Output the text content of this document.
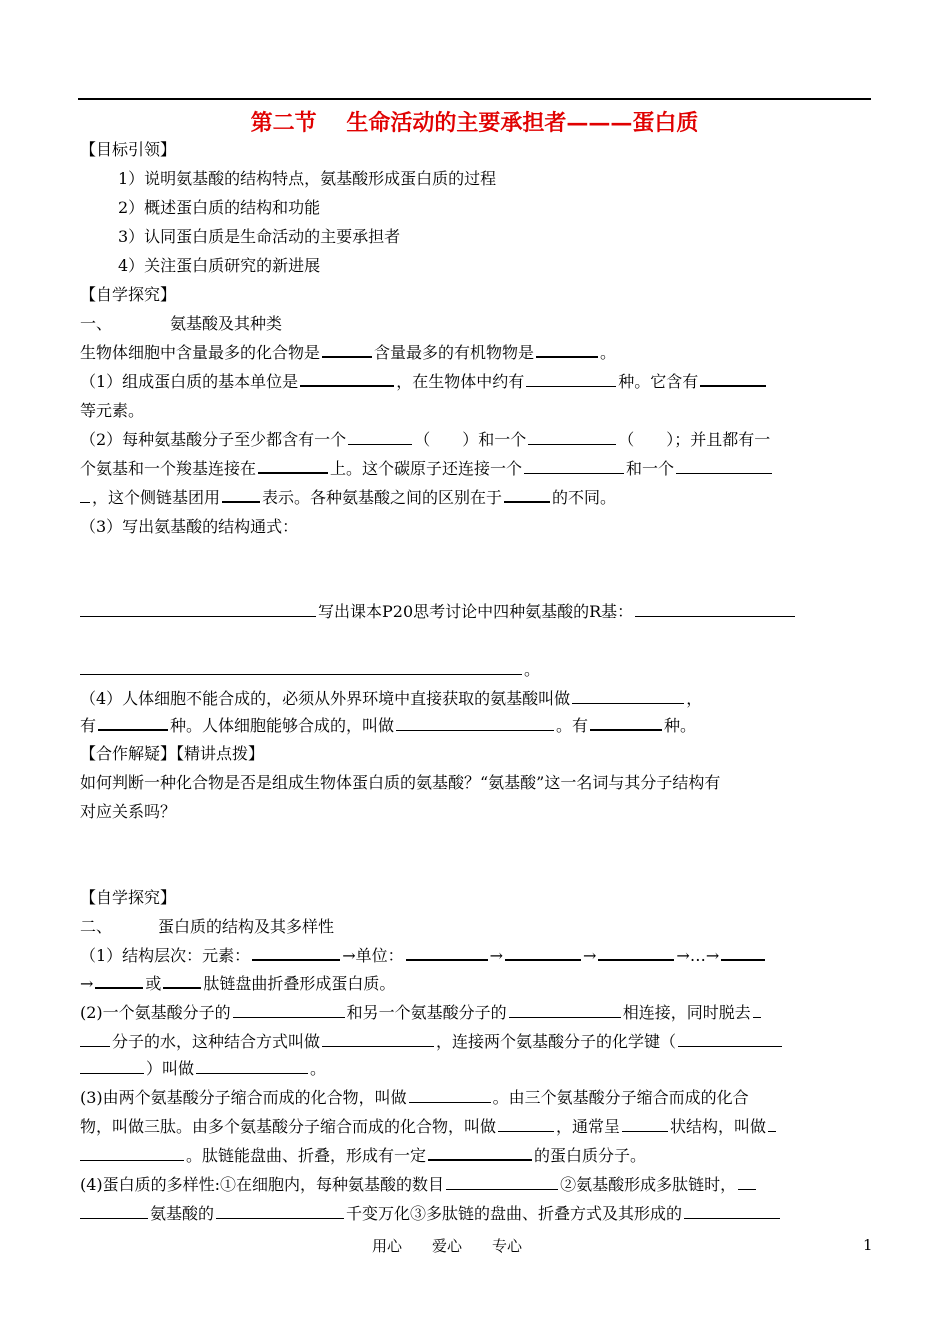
第二节　 生命活动的主要承担者———蛋白质
【目标引领】
1）说明氨基酸的结构特点，氨基酸形成蛋白质的过程
2）概述蛋白质的结构和功能
3）认同蛋白质是生命活动的主要承担者
4）关注蛋白质研究的新进展
【自学探究】
一、	氨基酸及其种类
生物体细胞中含量最多的化合物是	含量最多的有机物物是	。
（1）组成蛋白质的基本单位是	，在生物体中约有	种。它含有
等元素。
（2）每种氨基酸分子至少都含有一个	（　　）和一个	（　　）；并且都有一
个氨基和一个羧基连接在	上。这个碳原子还连接一个	和一个
，这个侧链基团用	表示。各种氨基酸之间的区别在于	的不同。
（3）写出氨基酸的结构通式：
写出课本P20思考讨论中四种氨基酸的R基：
。
（4）人体细胞不能合成的，必须从外界环境中直接获取的氨基酸叫做	，
有	种。人体细胞能够合成的，叫做	。有	种。
【合作解疑】【精讲点拨】
如何判断一种化合物是否是组成生物体蛋白质的氨基酸？“氨基酸”这一名词与其分子结构有
对应关系吗？
【自学探究】
二、	蛋白质的结构及其多样性
（1）结构层次：元素：	→单位：	→	→	→…→
→	或	肽链盘曲折叠形成蛋白质。
(2)一个氨基酸分子的	和另一个氨基酸分子的	相连接，同时脱去
分子的水，这种结合方式叫做	，连接两个氨基酸分子的化学键（
）叫做	。
(3)由两个氨基酸分子缩合而成的化合物，叫做	。由三个氨基酸分子缩合而成的化合
物，叫做三肽。由多个氨基酸分子缩合而成的化合物，叫做	，通常呈	状结构，叫做
。肽链能盘曲、折叠，形成有一定	的蛋白质分子。
(4)蛋白质的多样性:①在细胞内，每种氨基酸的数目	②氨基酸形成多肽链时，
氨基酸的	千变万化③多肽链的盘曲、折叠方式及其形成的
用心　　爱心　　专心	1
